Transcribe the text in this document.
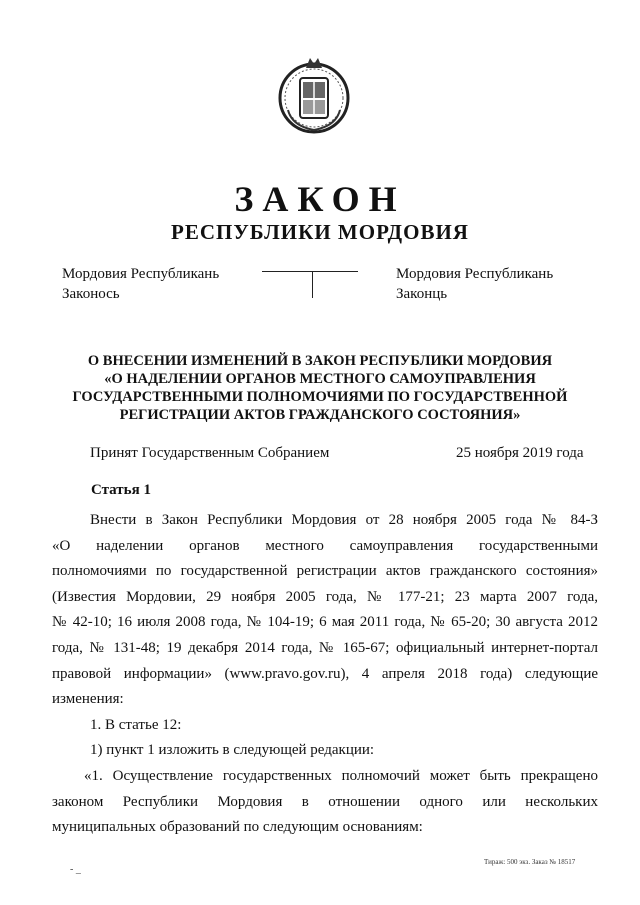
ЗАКОН
РЕСПУБЛИКИ МОРДОВИЯ
Мордовия Республикань
Законось
Мордовия Республикань
Законць
О ВНЕСЕНИИ ИЗМЕНЕНИЙ В ЗАКОН РЕСПУБЛИКИ МОРДОВИЯ
«О НАДЕЛЕНИИ ОРГАНОВ МЕСТНОГО САМОУПРАВЛЕНИЯ
ГОСУДАРСТВЕННЫМИ ПОЛНОМОЧИЯМИ ПО ГОСУДАРСТВЕННОЙ
РЕГИСТРАЦИИ АКТОВ ГРАЖДАНСКОГО СОСТОЯНИЯ»
Принят Государственным Собранием	25 ноября 2019 года
Статья 1

Внести в Закон Республики Мордовия от 28 ноября 2005 года № 84-З

«О наделении органов местного самоуправления государственными

полномочиями по государственной регистрации актов гражданского состояния»

(Известия Мордовии, 29 ноября 2005 года, № 177-21; 23 марта 2007 года,

№ 42-10; 16 июля 2008 года, № 104-19; 6 мая 2011 года, № 65-20; 30 августа 2012

года, № 131-48; 19 декабря 2014 года, № 165-67; официальный интернет-портал

правовой информации» (www.pravo.gov.ru), 4 апреля 2018 года) следующие

изменения:

1. В статье 12:

1) пункт 1 изложить в следующей редакции:

«1. Осуществление государственных полномочий может быть прекращено

законом Республики Мордовия в отношении одного или нескольких

муниципальных образований по следующим основаниям:

- _
Тираж: 500 экз. Заказ № 18517
